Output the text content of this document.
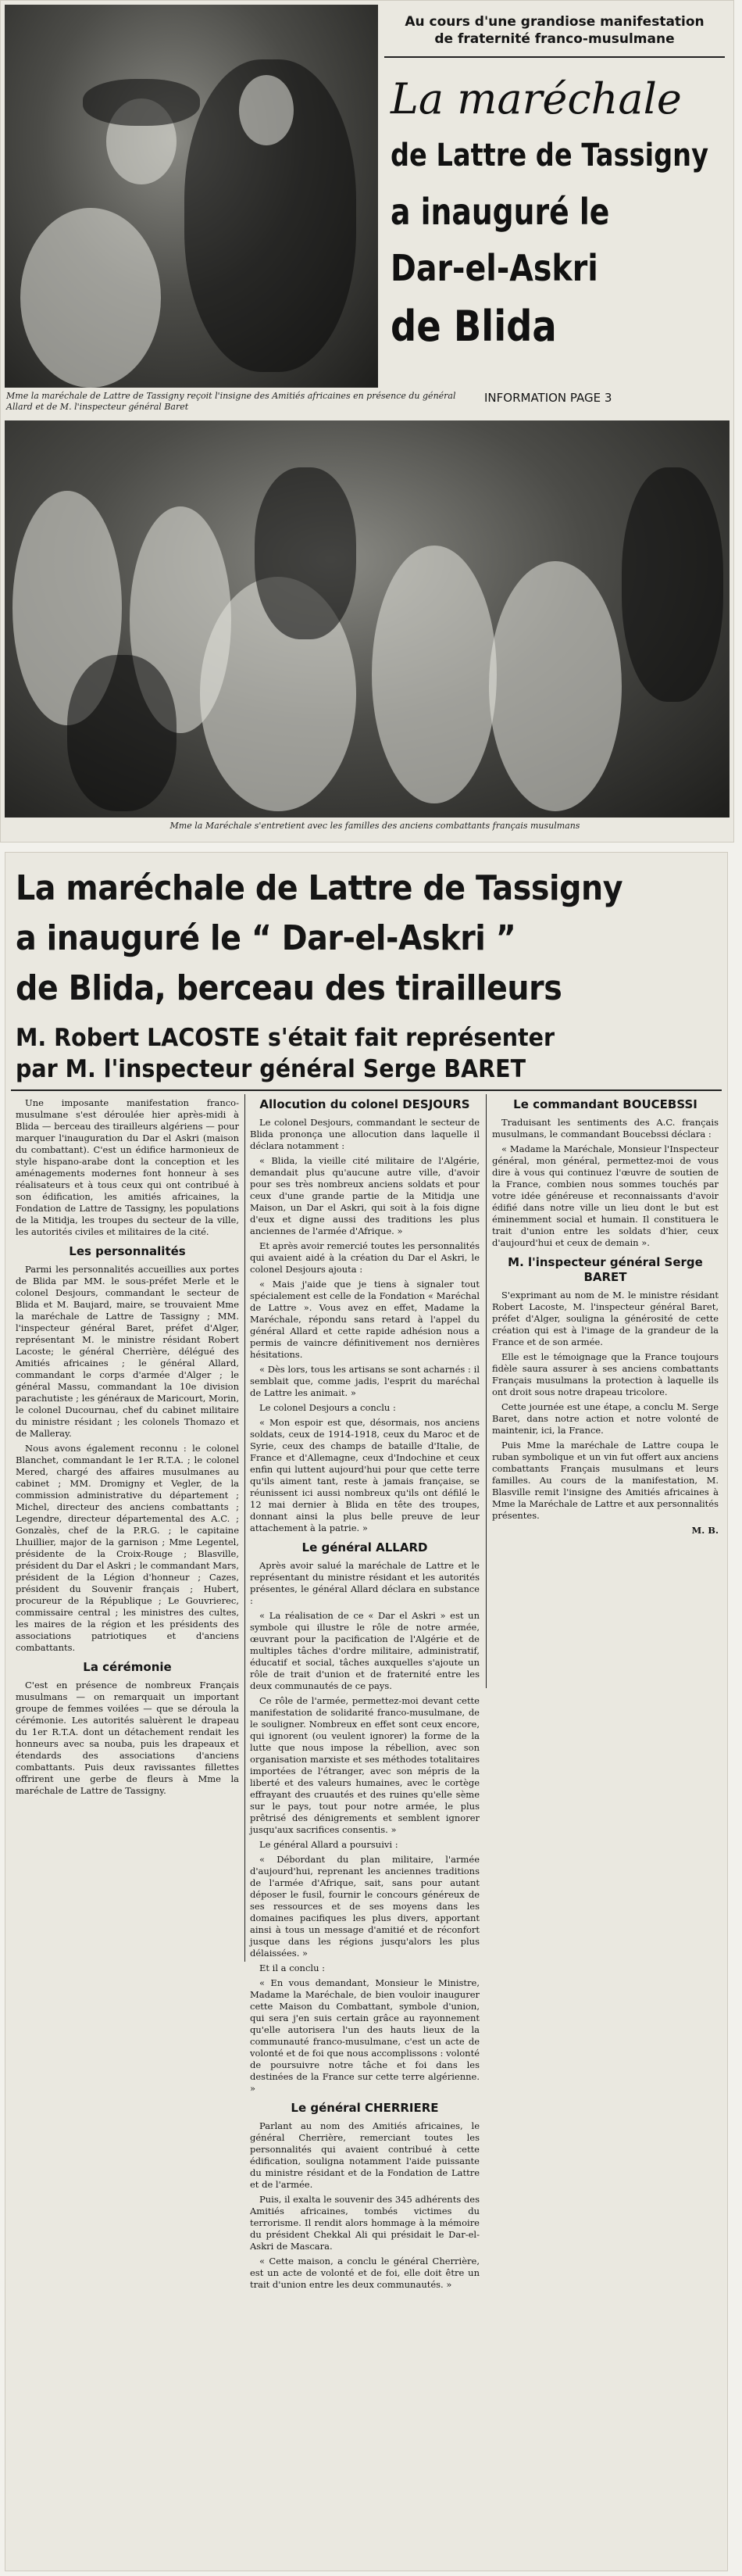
Au cours d'une grandiose manifestation
de fraternité franco-musulmane
La maréchale
de Lattre de Tassigny
a inauguré le
Dar-el-Askri
de Blida
INFORMATION PAGE 3
Mme la maréchale de Lattre de Tassigny reçoit l'insigne des Amitiés africaines en présence du général Allard et de M. l'inspecteur général Baret
Mme la Maréchale s'entretient avec les familles des anciens combattants français musulmans
La maréchale de Lattre de Tassigny
a inauguré le “ Dar-el-Askri ”
de Blida, berceau des tirailleurs
M. Robert LACOSTE s'était fait représenter
par M. l'inspecteur général Serge BARET

Une imposante manifestation franco-musulmane s'est déroulée hier après-midi à Blida — berceau des tirailleurs algériens — pour marquer l'inauguration du Dar el Askri (maison du combattant). C'est un édifice harmonieux de style hispano-arabe dont la conception et les aménagements modernes font honneur à ses réalisateurs et à tous ceux qui ont contribué à son édification, les amitiés africaines, la Fondation de Lattre de Tassigny, les populations de la Mitidja, les troupes du secteur de la ville, les autorités civiles et militaires de la cité.

Les personnalités

Parmi les personnalités accueillies aux portes de Blida par MM. le sous-préfet Merle et le colonel Desjours, commandant le secteur de Blida et M. Baujard, maire, se trouvaient Mme la maréchale de Lattre de Tassigny ; MM. l'inspecteur général Baret, préfet d'Alger, représentant M. le ministre résidant Robert Lacoste; le général Cherrière, délégué des Amitiés africaines ; le général Allard, commandant le corps d'armée d'Alger ; le général Massu, commandant la 10e division parachutiste ; les généraux de Maricourt, Morin, le colonel Ducournau, chef du cabinet militaire du ministre résidant ; les colonels Thomazo et de Malleray.

Nous avons également reconnu : le colonel Blanchet, commandant le 1er R.T.A. ; le colonel Mered, chargé des affaires musulmanes au cabinet ; MM. Dromigny et Vegler, de la commission administrative du département ; Michel, directeur des anciens combattants ; Legendre, directeur départemental des A.C. ; Gonzalès, chef de la P.R.G. ; le capitaine Lhuillier, major de la garnison ; Mme Legentel, présidente de la Croix-Rouge ; Blasville, président du Dar el Askri ; le commandant Mars, président de la Légion d'honneur ; Cazes, président du Souvenir français ; Hubert, procureur de la République ; Le Gouvrierec, commissaire central ; les ministres des cultes, les maires de la région et les présidents des associations patriotiques et d'anciens combattants.

La cérémonie

C'est en présence de nombreux Français musulmans — on remarquait un important groupe de femmes voilées — que se déroula la cérémonie. Les autorités saluèrent le drapeau du 1er R.T.A. dont un détachement rendait les honneurs avec sa nouba, puis les drapeaux et étendards des associations d'anciens combattants. Puis deux ravissantes fillettes offrirent une gerbe de fleurs à Mme la maréchale de Lattre de Tassigny.

Allocution du colonel DESJOURS

Le colonel Desjours, commandant le secteur de Blida prononça une allocution dans laquelle il déclara notamment :

« Blida, la vieille cité militaire de l'Algérie, demandait plus qu'aucune autre ville, d'avoir pour ses très nombreux anciens soldats et pour ceux d'une grande partie de la Mitidja une Maison, un Dar el Askri, qui soit à la fois digne d'eux et digne aussi des traditions les plus anciennes de l'armée d'Afrique. »

Et après avoir remercié toutes les personnalités qui avaient aidé à la création du Dar el Askri, le colonel Desjours ajouta :

« Mais j'aide que je tiens à signaler tout spécialement est celle de la Fondation « Maréchal de Lattre ». Vous avez en effet, Madame la Maréchale, répondu sans retard à l'appel du général Allard et cette rapide adhésion nous a permis de vaincre définitivement nos dernières hésitations.

« Dès lors, tous les artisans se sont acharnés : il semblait que, comme jadis, l'esprit du maréchal de Lattre les animait. »

Le colonel Desjours a conclu :

« Mon espoir est que, désormais, nos anciens soldats, ceux de 1914-1918, ceux du Maroc et de Syrie, ceux des champs de bataille d'Italie, de France et d'Allemagne, ceux d'Indochine et ceux enfin qui luttent aujourd'hui pour que cette terre qu'ils aiment tant, reste à jamais française, se réunissent ici aussi nombreux qu'ils ont défilé le 12 mai dernier à Blida en tête des troupes, donnant ainsi la plus belle preuve de leur attachement à la patrie. »

Le général ALLARD

Après avoir salué la maréchale de Lattre et le représentant du ministre résidant et les autorités présentes, le général Allard déclara en substance :

« La réalisation de ce « Dar el Askri » est un symbole qui illustre le rôle de notre armée, œuvrant pour la pacification de l'Algérie et de multiples tâches d'ordre militaire, administratif, éducatif et social, tâches auxquelles s'ajoute un rôle de trait d'union et de fraternité entre les deux communautés de ce pays.

Ce rôle de l'armée, permettez-moi devant cette manifestation de solidarité franco-musulmane, de le souligner. Nombreux en effet sont ceux encore, qui ignorent (ou veulent ignorer) la forme de la lutte que nous impose la rébellion, avec son organisation marxiste et ses méthodes totalitaires importées de l'étranger, avec son mépris de la liberté et des valeurs humaines, avec le cortège effrayant des cruautés et des ruines qu'elle sème sur le pays, tout pour notre armée, le plus prêtrisé des dénigrements et semblent ignorer jusqu'aux sacrifices consentis. »

Le général Allard a poursuivi :

« Débordant du plan militaire, l'armée d'aujourd'hui, reprenant les anciennes traditions de l'armée d'Afrique, sait, sans pour autant déposer le fusil, fournir le concours généreux de ses ressources et de ses moyens dans les domaines pacifiques les plus divers, apportant ainsi à tous un message d'amitié et de réconfort jusque dans les régions jusqu'alors les plus délaissées. »

Et il a conclu :

« En vous demandant, Monsieur le Ministre, Madame la Maréchale, de bien vouloir inaugurer cette Maison du Combattant, symbole d'union, qui sera j'en suis certain grâce au rayonnement qu'elle autorisera l'un des hauts lieux de la communauté franco-musulmane, c'est un acte de volonté et de foi que nous accomplissons : volonté de poursuivre notre tâche et foi dans les destinées de la France sur cette terre algérienne. »

Le général CHERRIERE

Parlant au nom des Amitiés africaines, le général Cherrière, remerciant toutes les personnalités qui avaient contribué à cette édification, souligna notamment l'aide puissante du ministre résidant et de la Fondation de Lattre et de l'armée.

Puis, il exalta le souvenir des 345 adhérents des Amitiés africaines, tombés victimes du terrorisme. Il rendit alors hommage à la mémoire du président Chekkal Ali qui présidait le Dar-el-Askri de Mascara.

« Cette maison, a conclu le général Cherrière, est un acte de volonté et de foi, elle doit être un trait d'union entre les deux communautés. »

Le commandant BOUCEBSSI

Traduisant les sentiments des A.C. français musulmans, le commandant Boucebssi déclara :

« Madame la Maréchale, Monsieur l'Inspecteur général, mon général, permettez-moi de vous dire à vous qui continuez l'œuvre de soutien de la France, combien nous sommes touchés par votre idée généreuse et reconnaissants d'avoir édifié dans notre ville un lieu dont le but est éminemment social et humain. Il constituera le trait d'union entre les soldats d'hier, ceux d'aujourd'hui et ceux de demain ».

M. l'inspecteur général Serge BARET

S'exprimant au nom de M. le ministre résidant Robert Lacoste, M. l'inspecteur général Baret, préfet d'Alger, souligna la générosité de cette création qui est à l'image de la grandeur de la France et de son armée.

Elle est le témoignage que la France toujours fidèle saura assurer à ses anciens combattants Français musulmans la protection à laquelle ils ont droit sous notre drapeau tricolore.

Cette journée est une étape, a conclu M. Serge Baret, dans notre action et notre volonté de maintenir, ici, la France.

Puis Mme la maréchale de Lattre coupa le ruban symbolique et un vin fut offert aux anciens combattants Français musulmans et leurs familles. Au cours de la manifestation, M. Blasville remit l'insigne des Amitiés africaines à Mme la Maréchale de Lattre et aux personnalités présentes.

M. B.
